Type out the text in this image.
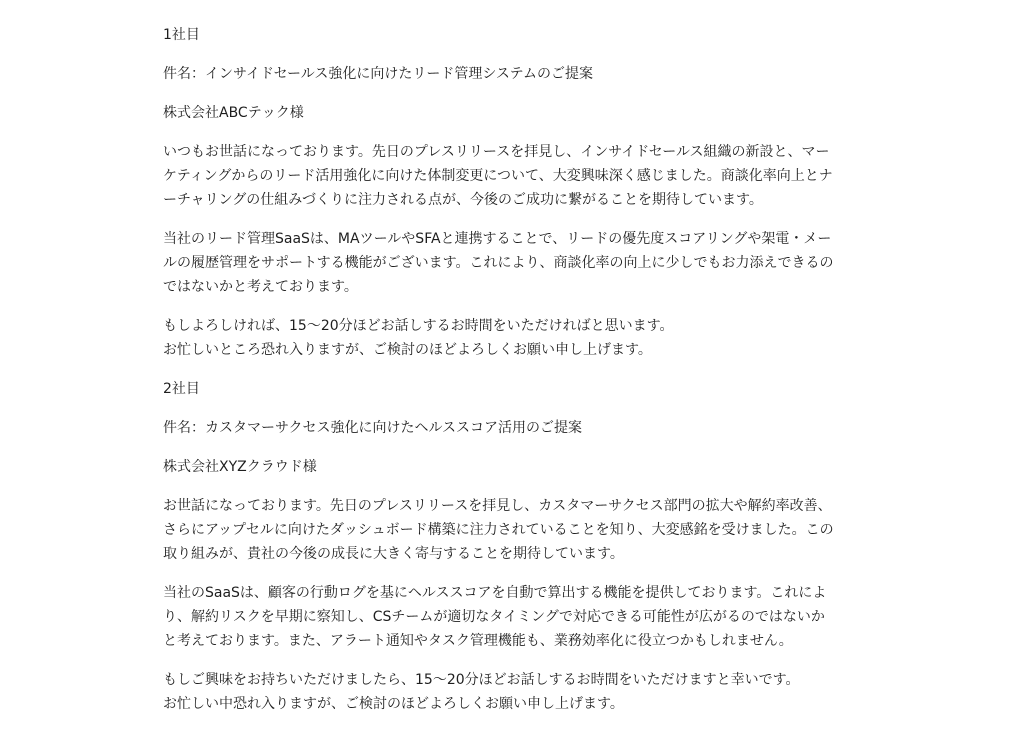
1社目

件名：インサイドセールス強化に向けたリード管理システムのご提案

株式会社ABCテック様

いつもお世話になっております。先日のプレスリリースを拝見し、インサイドセールス組織の新設と、マー
ケティングからのリード活用強化に向けた体制変更について、大変興味深く感じました。商談化率向上とナ
ーチャリングの仕組みづくりに注力される点が、今後のご成功に繋がることを期待しています。

当社のリード管理SaaSは、MAツールやSFAと連携することで、リードの優先度スコアリングや架電・メー
ルの履歴管理をサポートする機能がございます。これにより、商談化率の向上に少しでもお力添えできるの
ではないかと考えております。

もしよろしければ、15〜20分ほどお話しするお時間をいただければと思います。
お忙しいところ恐れ入りますが、ご検討のほどよろしくお願い申し上げます。

2社目

件名：カスタマーサクセス強化に向けたヘルススコア活用のご提案

株式会社XYZクラウド様

お世話になっております。先日のプレスリリースを拝見し、カスタマーサクセス部門の拡大や解約率改善、
さらにアップセルに向けたダッシュボード構築に注力されていることを知り、大変感銘を受けました。この
取り組みが、貴社の今後の成長に大きく寄与することを期待しています。

当社のSaaSは、顧客の行動ログを基にヘルススコアを自動で算出する機能を提供しております。これによ
り、解約リスクを早期に察知し、CSチームが適切なタイミングで対応できる可能性が広がるのではないか
と考えております。また、アラート通知やタスク管理機能も、業務効率化に役立つかもしれません。

もしご興味をお持ちいただけましたら、15〜20分ほどお話しするお時間をいただけますと幸いです。
お忙しい中恐れ入りますが、ご検討のほどよろしくお願い申し上げます。
